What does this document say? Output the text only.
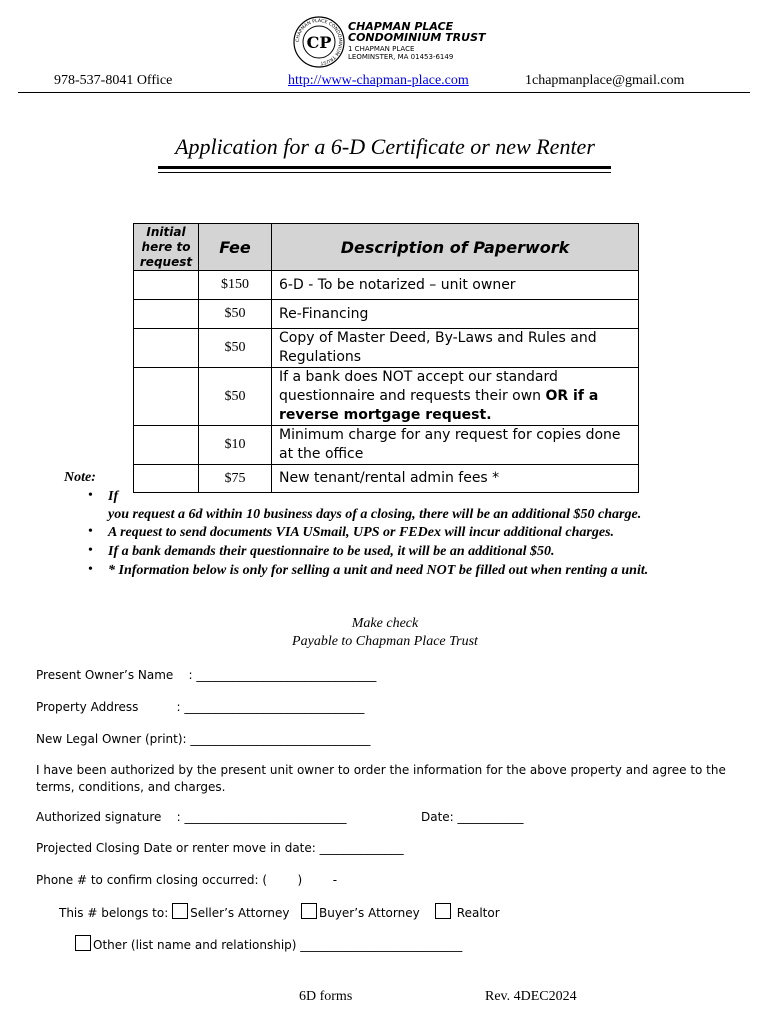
CHAPMAN PLACE CONDOMINIUM TRUST
CP
CHAPMAN PLACE
CONDOMINIUM TRUST
1 CHAPMAN PLACE
LEOMINSTER, MA 01453-6149
978-537-8041 Office	http://www-chapman-place.com	1chapmanplace@gmail.com
Application for a 6-D Certificate or new Renter
Initial here to request	Fee	Description of Paperwork
	$150	6-D - To be notarized – unit owner
	$50	Re-Financing
	$50	Copy of Master Deed, By-Laws and Rules and Regulations
	$50	If a bank does NOT accept our standard questionnaire and requests their own OR if a reverse mortgage request.
	$10	Minimum charge for any request for copies done at the office
	$75	New tenant/rental admin fees *
Note:
• If
you request a 6d within 10 business days of a closing, there will be an additional $50 charge.
• A request to send documents VIA USmail, UPS or FEDex will incur additional charges.
• If a bank demands their questionnaire to be used, it will be an additional $50.
• * Information below is only for selling a unit and need NOT be filled out when renting a unit.
Make check
Payable to Chapman Place Trust
Present Owner’s Name    : ______________________________
Property Address          : ______________________________
New Legal Owner (print): ______________________________
I have been authorized by the present unit owner to order the information for the above property and agree to the terms, conditions, and charges.
Authorized signature    : ___________________________	Date: ___________
Projected Closing Date or renter move in date: ______________
Phone # to confirm closing occurred: (        )        -
This # belongs to: Seller’s Attorney Buyer’s Attorney	Realtor
Other (list name and relationship) ___________________________
6D forms	Rev. 4DEC2024
